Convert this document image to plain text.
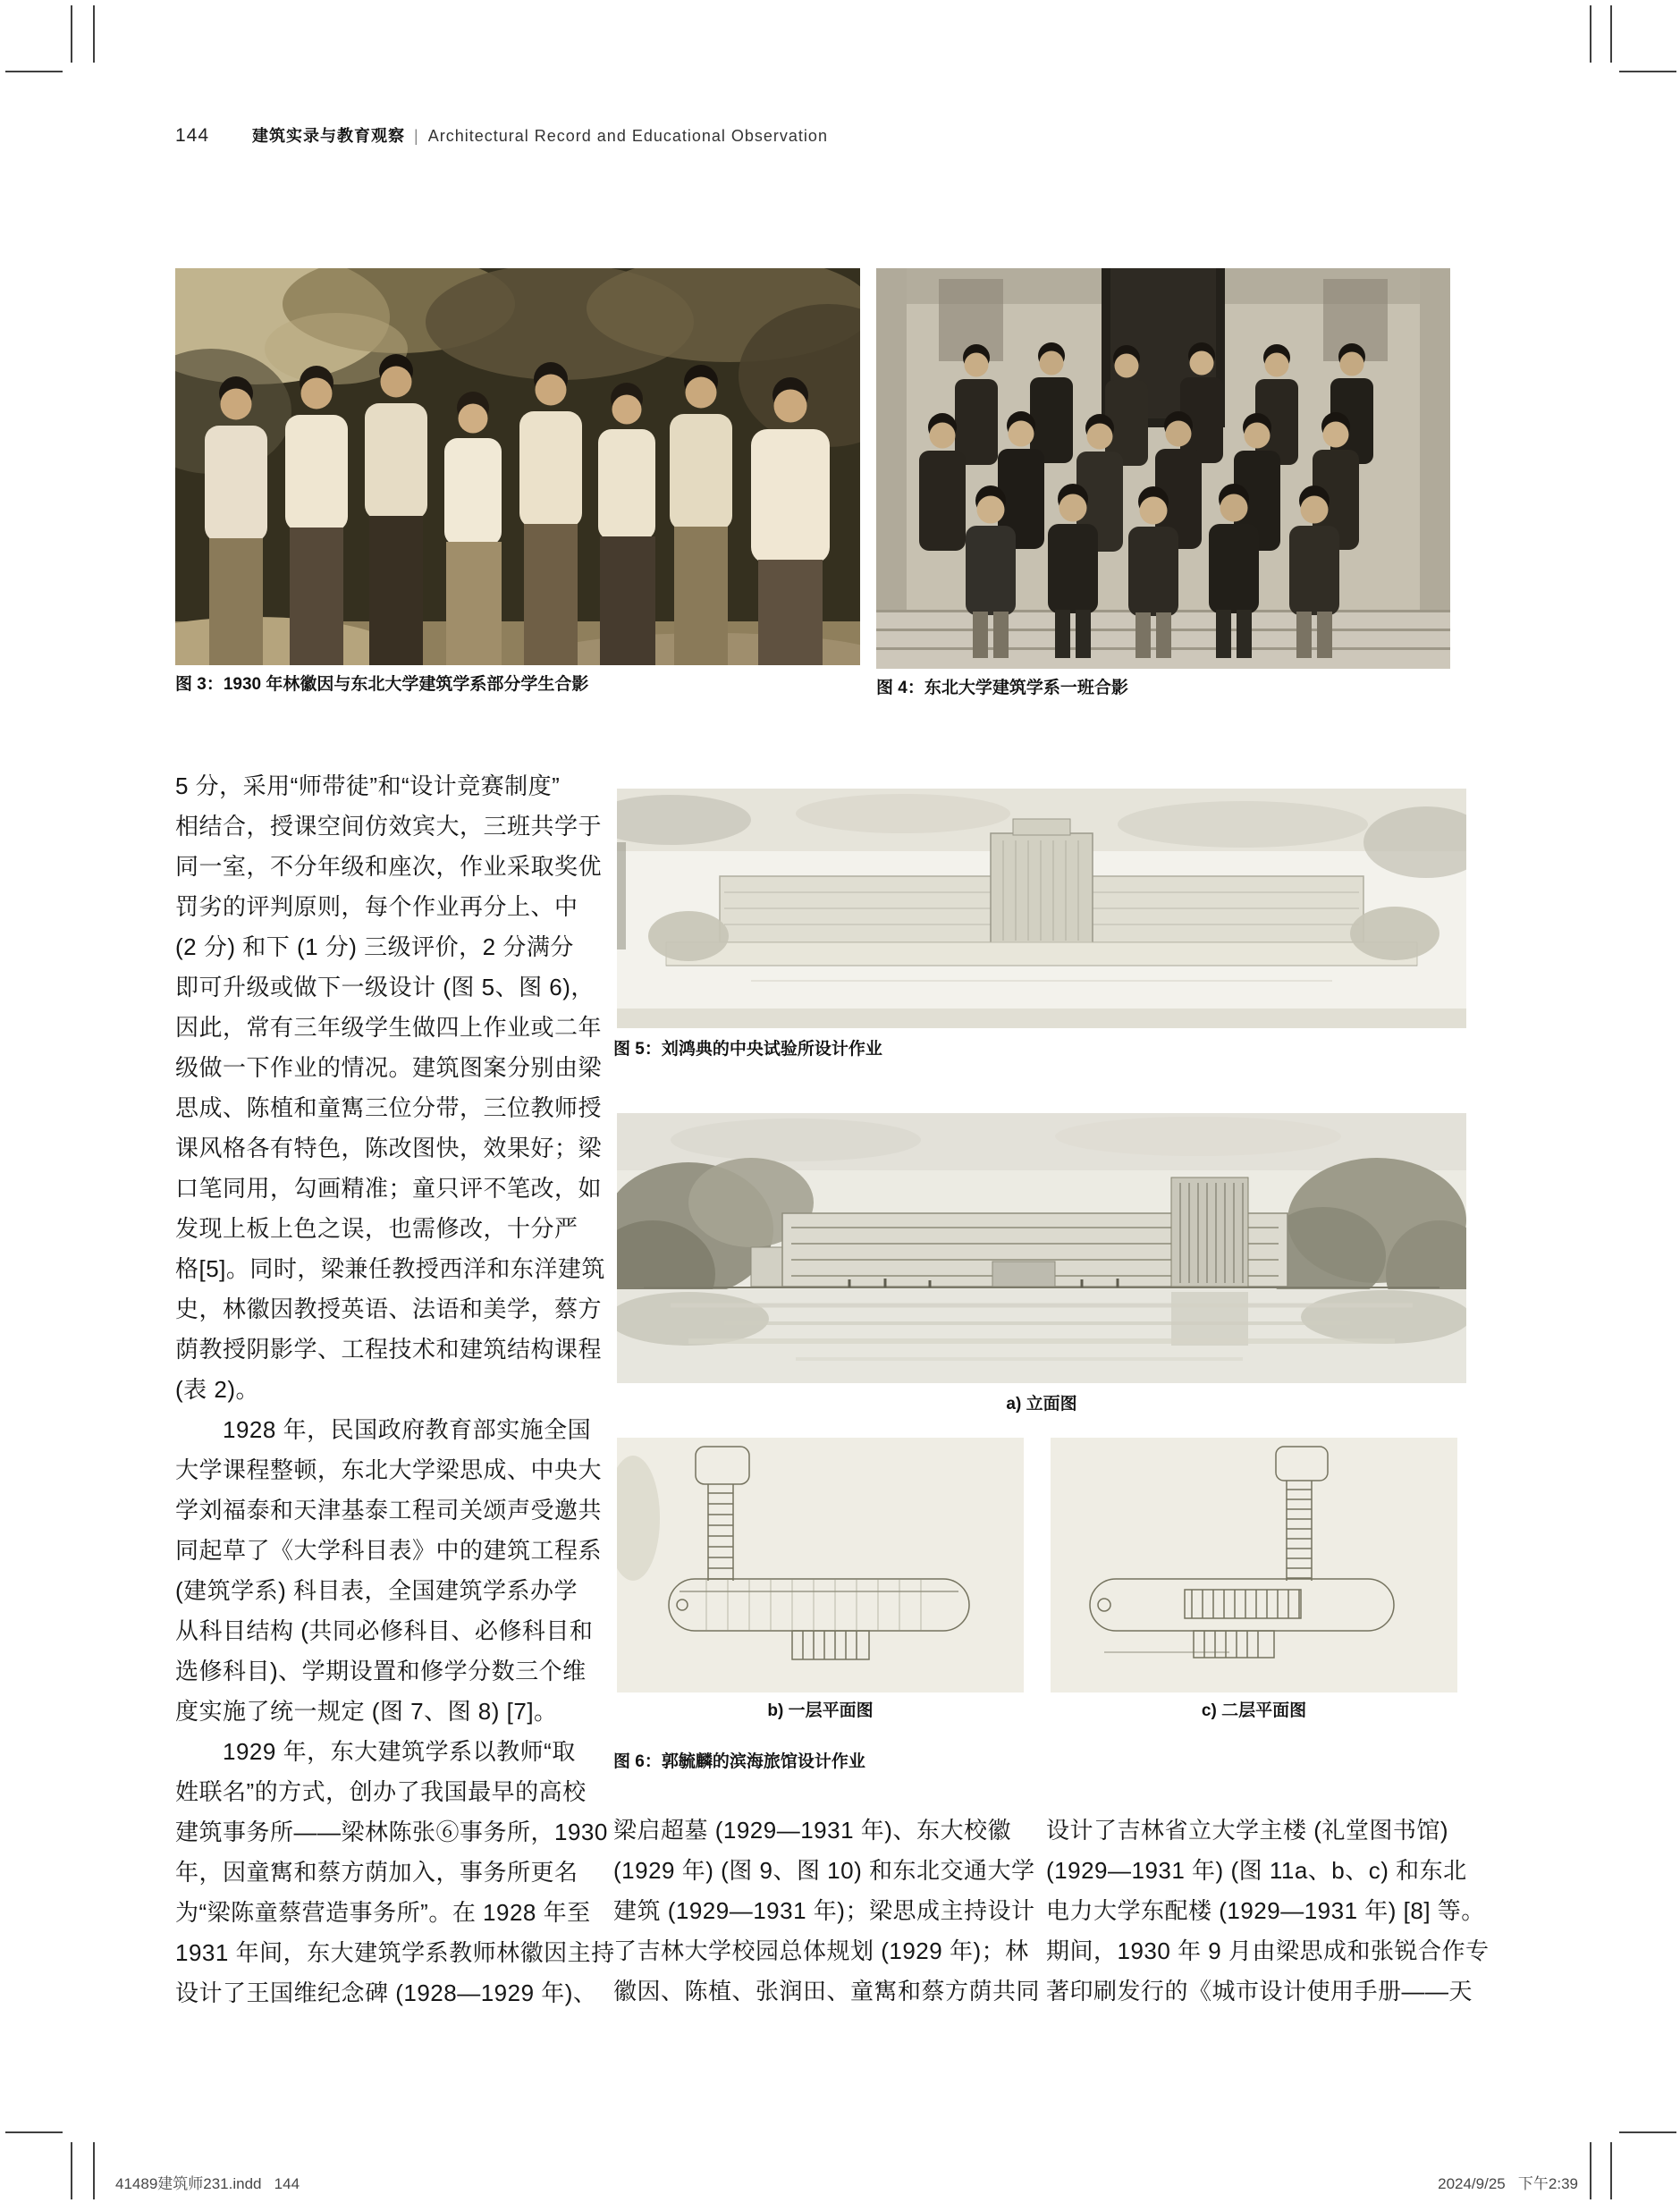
144	建筑实录与教育观察 | Architectural Record and Educational Observation
图 3：1930 年林徽因与东北大学建筑学系部分学生合影	图 4：东北大学建筑学系一班合影
5 分，采用“师带徒”和“设计竞赛制度”
相结合，授课空间仿效宾大，三班共学于
同一室，不分年级和座次，作业采取奖优
罚劣的评判原则，每个作业再分上、中
(2 分) 和下 (1 分) 三级评价，2 分满分
即可升级或做下一级设计 (图 5、图 6)，
因此，常有三年级学生做四上作业或二年
级做一下作业的情况。建筑图案分别由梁
思成、陈植和童寯三位分带，三位教师授
课风格各有特色，陈改图快，效果好；梁
口笔同用，勾画精准；童只评不笔改，如
发现上板上色之误，也需修改，十分严
格[5]。同时，梁兼任教授西洋和东洋建筑
史，林徽因教授英语、法语和美学，蔡方
荫教授阴影学、工程技术和建筑结构课程
(表 2)。
　　1928 年，民国政府教育部实施全国
大学课程整顿，东北大学梁思成、中央大
学刘福泰和天津基泰工程司关颂声受邀共
同起草了《大学科目表》中的建筑工程系
(建筑学系) 科目表，全国建筑学系办学
从科目结构 (共同必修科目、必修科目和
选修科目)、学期设置和修学分数三个维
度实施了统一规定 (图 7、图 8) [7]。
　　1929 年，东大建筑学系以教师“取
姓联名”的方式，创办了我国最早的高校
建筑事务所——梁林陈张⑥事务所，1930
年，因童寯和蔡方荫加入，事务所更名
为“梁陈童蔡营造事务所”。在 1928 年至
1931 年间，东大建筑学系教师林徽因主持
设计了王国维纪念碑 (1928—1929 年)、
图 5：刘鸿典的中央试验所设计作业
a) 立面图
b) 一层平面图	c) 二层平面图
图 6：郭毓麟的滨海旅馆设计作业
梁启超墓 (1929—1931 年)、东大校徽
(1929 年) (图 9、图 10) 和东北交通大学
建筑 (1929—1931 年)；梁思成主持设计
了吉林大学校园总体规划 (1929 年)；林
徽因、陈植、张润田、童寯和蔡方荫共同
设计了吉林省立大学主楼 (礼堂图书馆)
(1929—1931 年) (图 11a、b、c) 和东北
电力大学东配楼 (1929—1931 年) [8] 等。
期间，1930 年 9 月由梁思成和张锐合作专
著印刷发行的《城市设计使用手册——天
41489建筑师231.indd   144	2024/9/25   下午2:39
